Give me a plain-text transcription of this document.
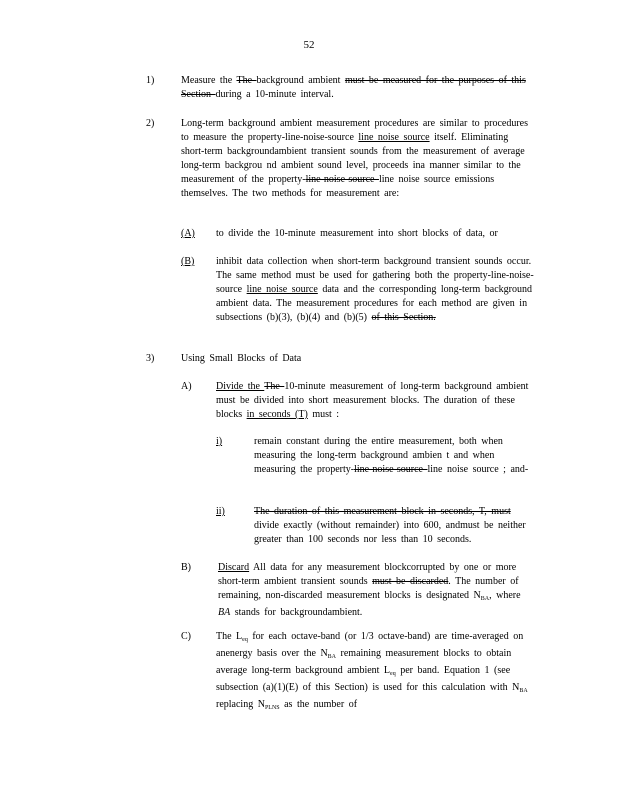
52
1)	Measure the The background ambient must be measured for the purposes of this Section during a 10-minute interval.
2)	Long-term background ambient measurement procedures are similar to procedures to measure the property-line-noise-source line noise source itself. Eliminating short-term backgroundambient transient sounds from the measurement of average long-term backgrou nd ambient sound level, proceeds ina manner similar to the measurement of the property-line-noise-source line noise source emissions themselves. The two methods for measurement are:
(A) to divide the 10-minute measurement into short blocks of data, or
(B) inhibit data collection when short-term background transient sounds occur. The same method must be used for gathering both the property-line-noise-source line noise source data and the corresponding long-term background ambient data. The measurement procedures for each method are given in subsections (b)(3), (b)(4) and (b)(5) of this Section.
3)	Using Small Blocks of Data
A)	Divide the The 10-minute measurement of long-term background ambient must be divided into short measurement blocks. The duration of these blocks in seconds (T) must :
i)	remain constant during the entire measurement, both when measuring the long-term background ambien t and when measuring the property-line-noise-source line noise source ; and-
ii)	The duration of this measurement block in seconds, T, must divide exactly (without remainder) into 600, andmust be neither greater than 100 seconds nor less than 10 seconds.
B)	Discard All data for any measurement blockcorrupted by one or more short-term ambient transient sounds must be discarded. The number of remaining, non-discarded measurement blocks is designated $N_{BA}$, where BA stands for backgroundambient.
C)	The $L_{eq}$ for each octave-band (or 1/3 octave-band) are time-averaged on anenergy basis over the $N_{BA}$ remaining measurement blocks to obtain average long-term background ambient $L_{eq}$ per band. Equation 1 (see subsection (a)(1)(E) of this Section) is used for this calculation with $N_{BA}$ replacing $N_{PLNS}$ as the number of
